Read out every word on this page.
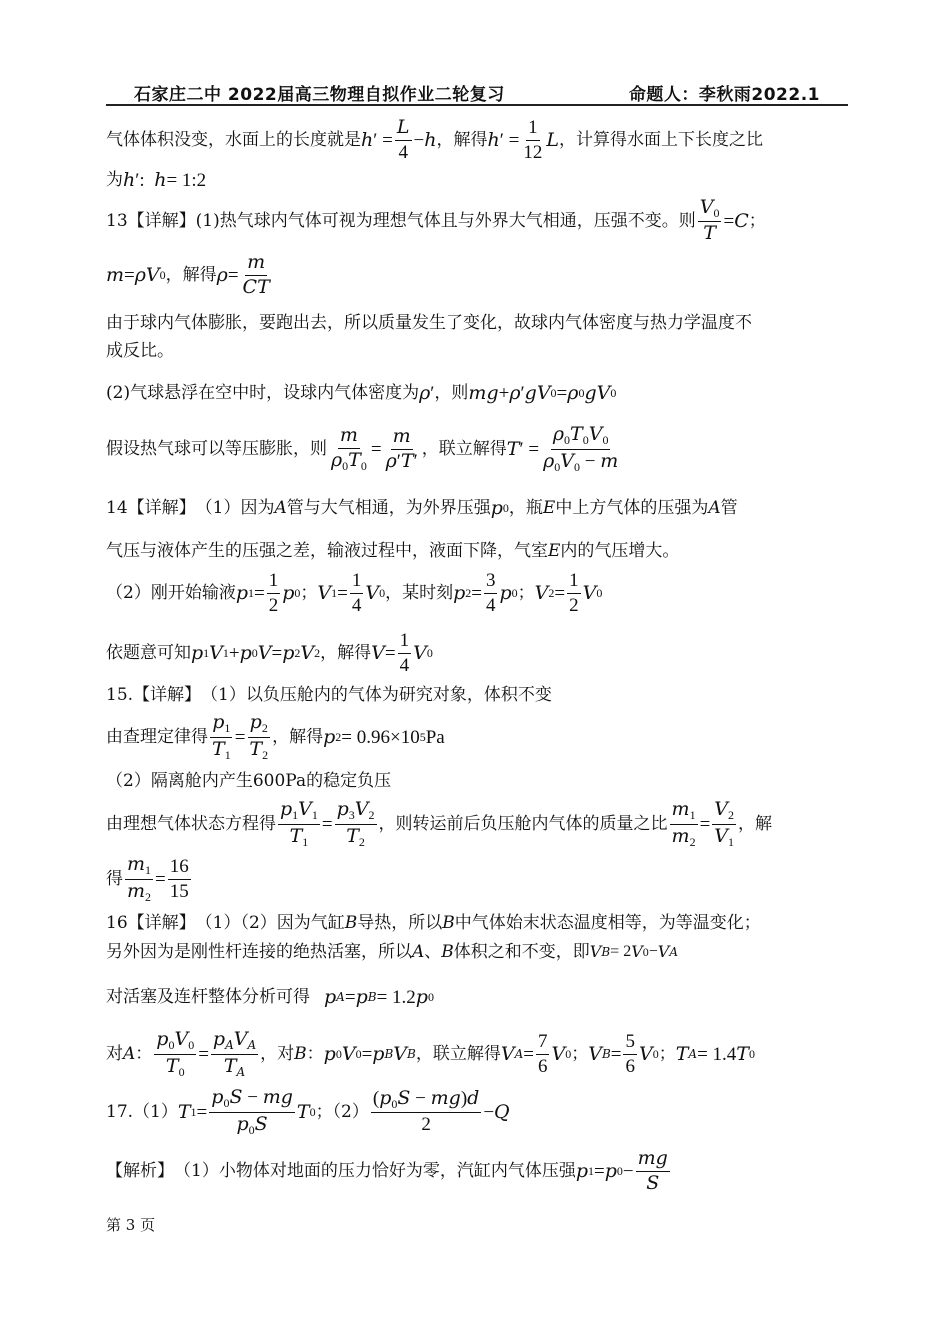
石家庄二中 2022届高三物理自拟作业二轮复习	命题人：李秋雨2022.1
气体体积没变，水面上的长度就是 h ′ = $\frac{L}{4} - h$ ，解得 h ′ = $\frac{1}{12}$ L ，计算得水面上下长度之比
为 h ′: h = 1:2
13【详解】 (1)热气球内气体可视为理想气体且与外界大气相通，压强不变。则 $\frac{V_0}{T} = C$ ；
m = ρV 0 ，解得 $\rho = \frac{m}{CT}$
由于球内气体膨胀，要跑出去，所以质量发生了变化，故球内气体密度与热力学温度不
成反比。
(2)气球悬浮在空中时，设球内气体密度为 ρ ′ ，则 mg + ρ ′ gV 0 = ρ 0 gV 0
假设热气球可以等压膨胀，则 $\frac{m}{\rho_0T_0} = \frac{m}{\rho'T'}$ ，联立解得 T ′ = $\frac{\rho_0T_0V_0}{\rho_0V_0 - m}$
14【详解】 （1）因为 A 管与大气相通，为外界压强 p 0 ，瓶 E 中上方气体的压强为 A 管
气压与液体产生的压强之差，输液过程中，液面下降，气室 E 内的气压增大。
（2）刚开始输液 p $1 = \frac{1}{2}$ p 0 ； V $1 = \frac{1}{4}$ V 0 ，某时刻 p $2 = \frac{3}{4}$ p 0 ； V $2 = \frac{1}{2}$ V 0
依题意可知 p 1 V 1 + p 0 V = p 2 V 2 ，解得 $V = \frac{1}{4}$ V 0
15.【详解】 （1）以负压舱内的气体为研究对象，体积不变
由查理定律得 $\frac{p_1}{T_1} = \frac{p_2}{T_2}$ ，解得 p 2 = 0.96×10 5 Pa
（2）隔离舱内产生600Pa的稳定负压
由理想气体状态方程得 $\frac{p_1V_1}{T_1} = \frac{p_3V_2}{T_2}$ ，则转运前后负压舱内气体的质量之比 $\frac{m_1}{m_2} = \frac{V_2}{V_1}$ ，解
得 $\frac{m_1}{m_2} = \frac{16}{15}$
16【详解】 （1）（2）因为气缸 B 导热，所以 B 中气体始末状态温度相等，为等温变化；
另外因为是刚性杆连接的绝热活塞，所以 A 、 B 体积之和不变，即 V B = 2 V 0 − V A
对活塞及连杆整体分析可得 p A = p B = 1.2 p 0
对 A ： $\frac{p_0V_0}{T_0} = \frac{p_AV_A}{T_A}$ ，对 B ： p 0 V 0 = p B V B ，联立解得 V $A = \frac{7}{6}$ V 0 ； V $B = \frac{5}{6}$ V 0 ； T A = 1.4 T 0
17.（1） T $1 = \frac{p_0S - mg}{p_0S}$ T 0 ；$(2) \frac{(p_0S - mg)d}{2} - Q$
【解析】 （1）小物体对地面的压力恰好为零，汽缸内气体压强 p 1 = p $0 - \frac{mg}{S}$
第 3 页
